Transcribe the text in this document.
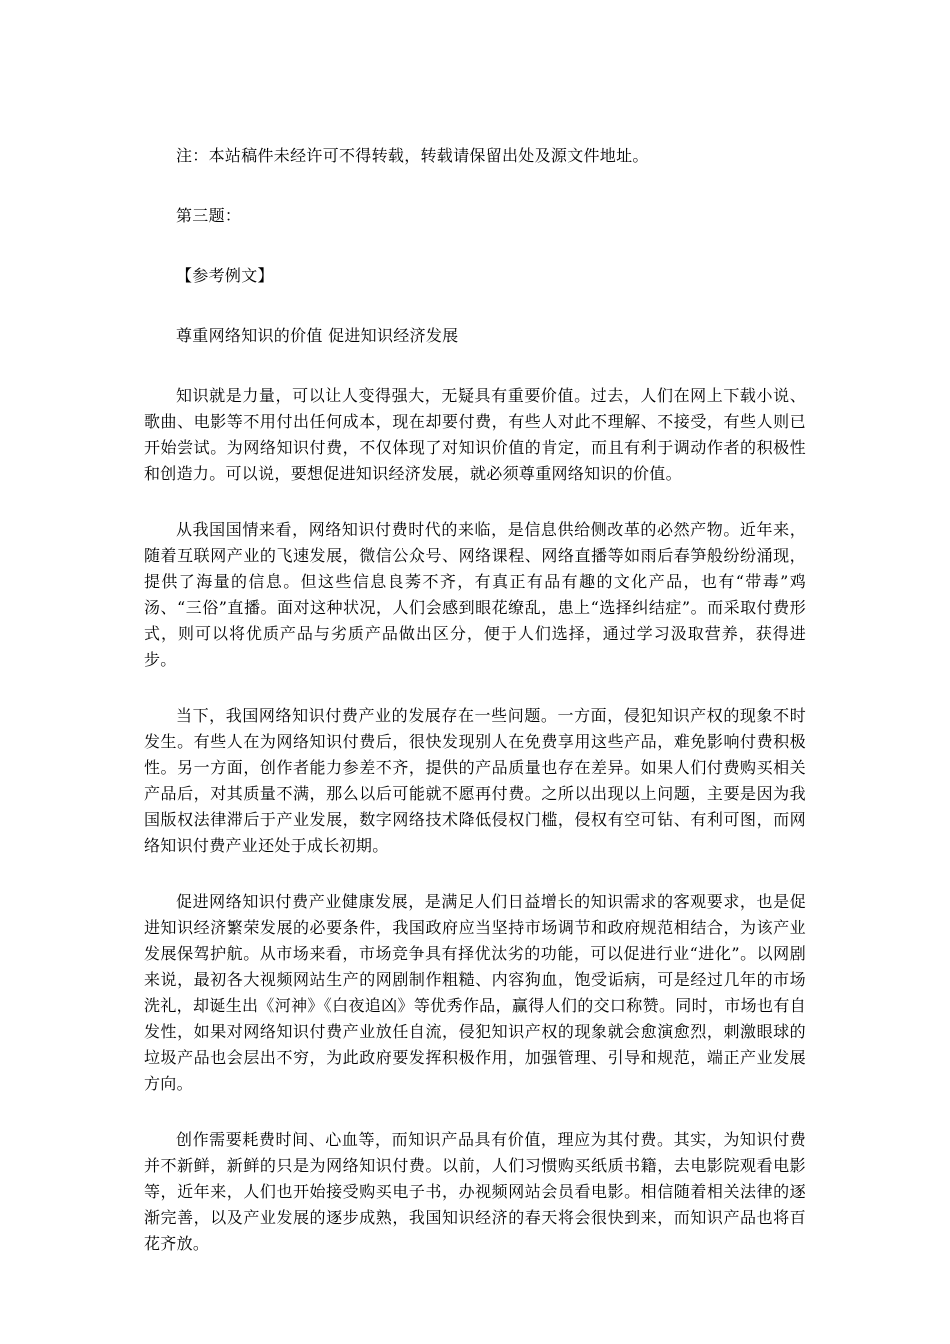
注：本站稿件未经许可不得转载，转载请保留出处及源文件地址。

第三题：

【参考例文】

尊重网络知识的价值 促进知识经济发展

知识就是力量，可以让人变得强大，无疑具有重要价值。过去，人们在网上下载小说、歌曲、电影等不用付出任何成本，现在却要付费，有些人对此不理解、不接受，有些人则已开始尝试。为网络知识付费，不仅体现了对知识价值的肯定，而且有利于调动作者的积极性和创造力。可以说，要想促进知识经济发展，就必须尊重网络知识的价值。

从我国国情来看，网络知识付费时代的来临，是信息供给侧改革的必然产物。近年来，随着互联网产业的飞速发展，微信公众号、网络课程、网络直播等如雨后春笋般纷纷涌现，提供了海量的信息。但这些信息良莠不齐，有真正有品有趣的文化产品，也有“带毒”鸡汤、“三俗”直播。面对这种状况，人们会感到眼花缭乱，患上“选择纠结症”。而采取付费形式，则可以将优质产品与劣质产品做出区分，便于人们选择，通过学习汲取营养，获得进步。

当下，我国网络知识付费产业的发展存在一些问题。一方面，侵犯知识产权的现象不时发生。有些人在为网络知识付费后，很快发现别人在免费享用这些产品，难免影响付费积极性。另一方面，创作者能力参差不齐，提供的产品质量也存在差异。如果人们付费购买相关产品后，对其质量不满，那么以后可能就不愿再付费。之所以出现以上问题，主要是因为我国版权法律滞后于产业发展，数字网络技术降低侵权门槛，侵权有空可钻、有利可图，而网络知识付费产业还处于成长初期。

促进网络知识付费产业健康发展，是满足人们日益增长的知识需求的客观要求，也是促进知识经济繁荣发展的必要条件，我国政府应当坚持市场调节和政府规范相结合，为该产业发展保驾护航。从市场来看，市场竞争具有择优汰劣的功能，可以促进行业“进化”。以网剧来说，最初各大视频网站生产的网剧制作粗糙、内容狗血，饱受诟病，可是经过几年的市场洗礼，却诞生出《河神》《白夜追凶》等优秀作品，赢得人们的交口称赞。同时，市场也有自发性，如果对网络知识付费产业放任自流，侵犯知识产权的现象就会愈演愈烈，刺激眼球的垃圾产品也会层出不穷，为此政府要发挥积极作用，加强管理、引导和规范，端正产业发展方向。

创作需要耗费时间、心血等，而知识产品具有价值，理应为其付费。其实，为知识付费并不新鲜，新鲜的只是为网络知识付费。以前，人们习惯购买纸质书籍，去电影院观看电影等，近年来，人们也开始接受购买电子书，办视频网站会员看电影。相信随着相关法律的逐渐完善，以及产业发展的逐步成熟，我国知识经济的春天将会很快到来，而知识产品也将百花齐放。
